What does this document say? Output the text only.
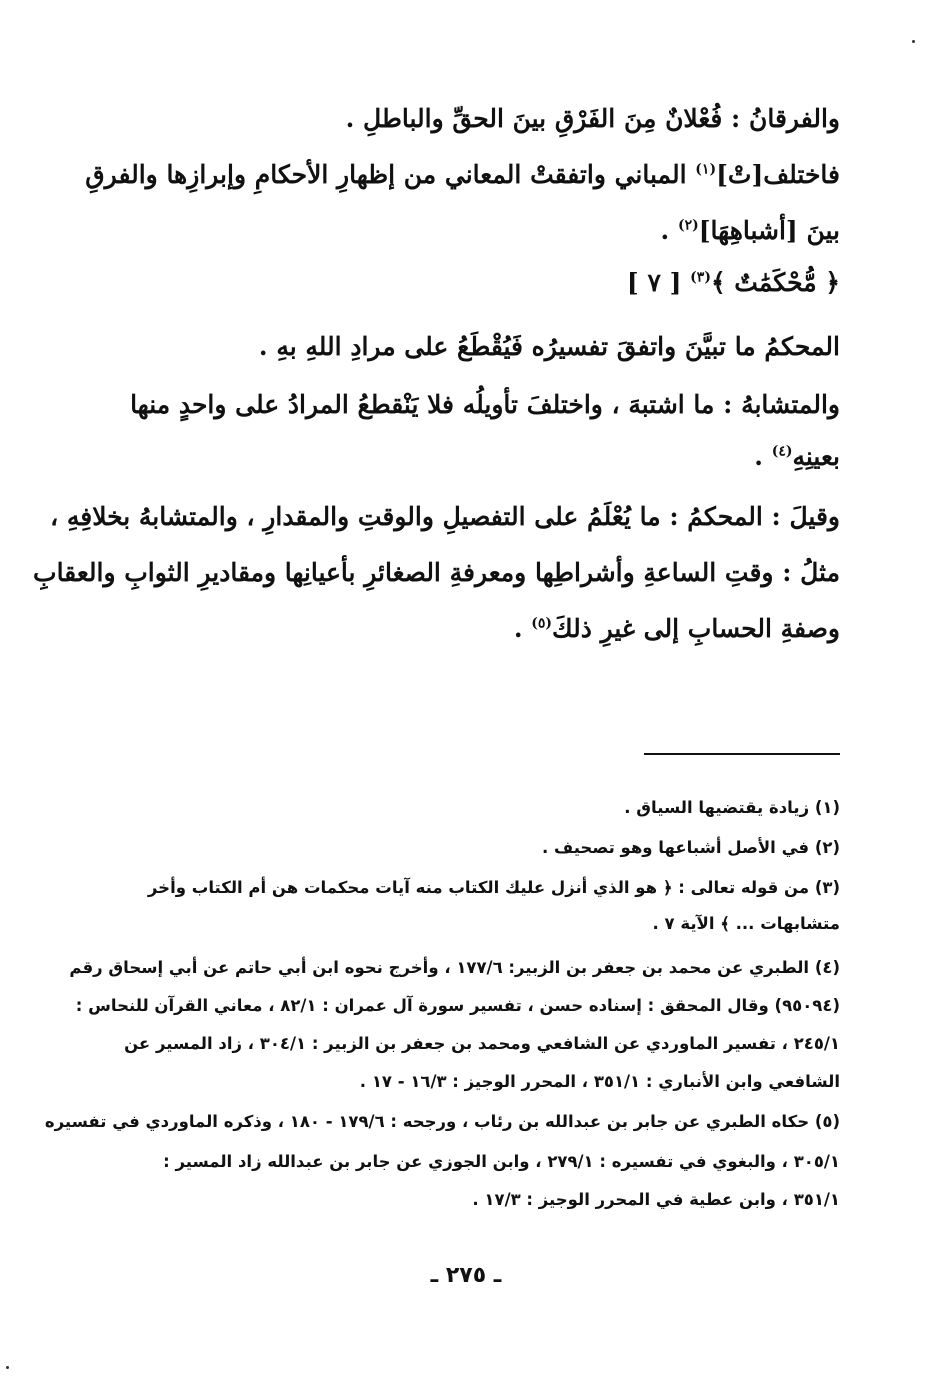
والفرقانُ : فُعْلانٌ مِنَ الفَرْقِ بينَ الحقِّ والباطلِ .
فاختلف[تْ]$^{(١)}$ المباني واتفقتْ المعاني من إظهارِ الأحكامِ وإبرازِها والفرقِ
بينَ [أشباهِهَا]$^{(٢)}$ .
﴿ مُّحْكَمَٰتٌ ﴾$^{(٣)}$ [ ٧ ]
المحكمُ ما تبيَّنَ واتفقَ تفسيرُه فَيُقْطَعُ على مرادِ اللهِ بهِ .
والمتشابهُ : ما اشتبهَ ، واختلفَ تأويلُه فلا يَنْقطعُ المرادُ على واحدٍ منها
بعينِهِ$^{(٤)}$ .
وقيلَ : المحكمُ : ما يُعْلَمُ على التفصيلِ والوقتِ والمقدارِ ، والمتشابهُ بخلافِهِ ،
مثلُ : وقتِ الساعةِ وأشراطِها ومعرفةِ الصغائرِ بأعيانِها ومقاديرِ الثوابِ والعقابِ
وصفةِ الحسابِ إلى غيرِ ذلكَ$^{(٥)}$ .
(١) زيادة يقتضيها السياق .
(٢) في الأصل أشباعها وهو تصحيف .
(٣) من قوله تعالى : ﴿ هو الذي أنزل عليك الكتاب منه آيات محكمات هن أم الكتاب وأخر
متشابهات ... ﴾ الآية ٧ .
(٤) الطبري عن محمد بن جعفر بن الزبير: ١٧٧/٦ ، وأخرج نحوه ابن أبي حاتم عن أبي إسحاق رقم
(٩٥٠٩٤) وقال المحقق : إسناده حسن ، تفسير سورة آل عمران : ٨٢/١ ، معاني القرآن للنحاس :
٢٤٥/١ ، تفسير الماوردي عن الشافعي ومحمد بن جعفر بن الزبير : ٣٠٤/١ ، زاد المسير عن
الشافعي وابن الأنباري : ٣٥١/١ ، المحرر الوجيز : ١٦/٣ - ١٧ .
(٥) حكاه الطبري عن جابر بن عبدالله بن رئاب ، ورجحه : ١٧٩/٦ - ١٨٠ ، وذكره الماوردي في تفسيره
٣٠٥/١ ، والبغوي في تفسيره : ٢٧٩/١ ، وابن الجوزي عن جابر بن عبدالله زاد المسير :
٣٥١/١ ، وابن عطية في المحرر الوجيز : ١٧/٣ .
ـ ٢٧٥ ـ
